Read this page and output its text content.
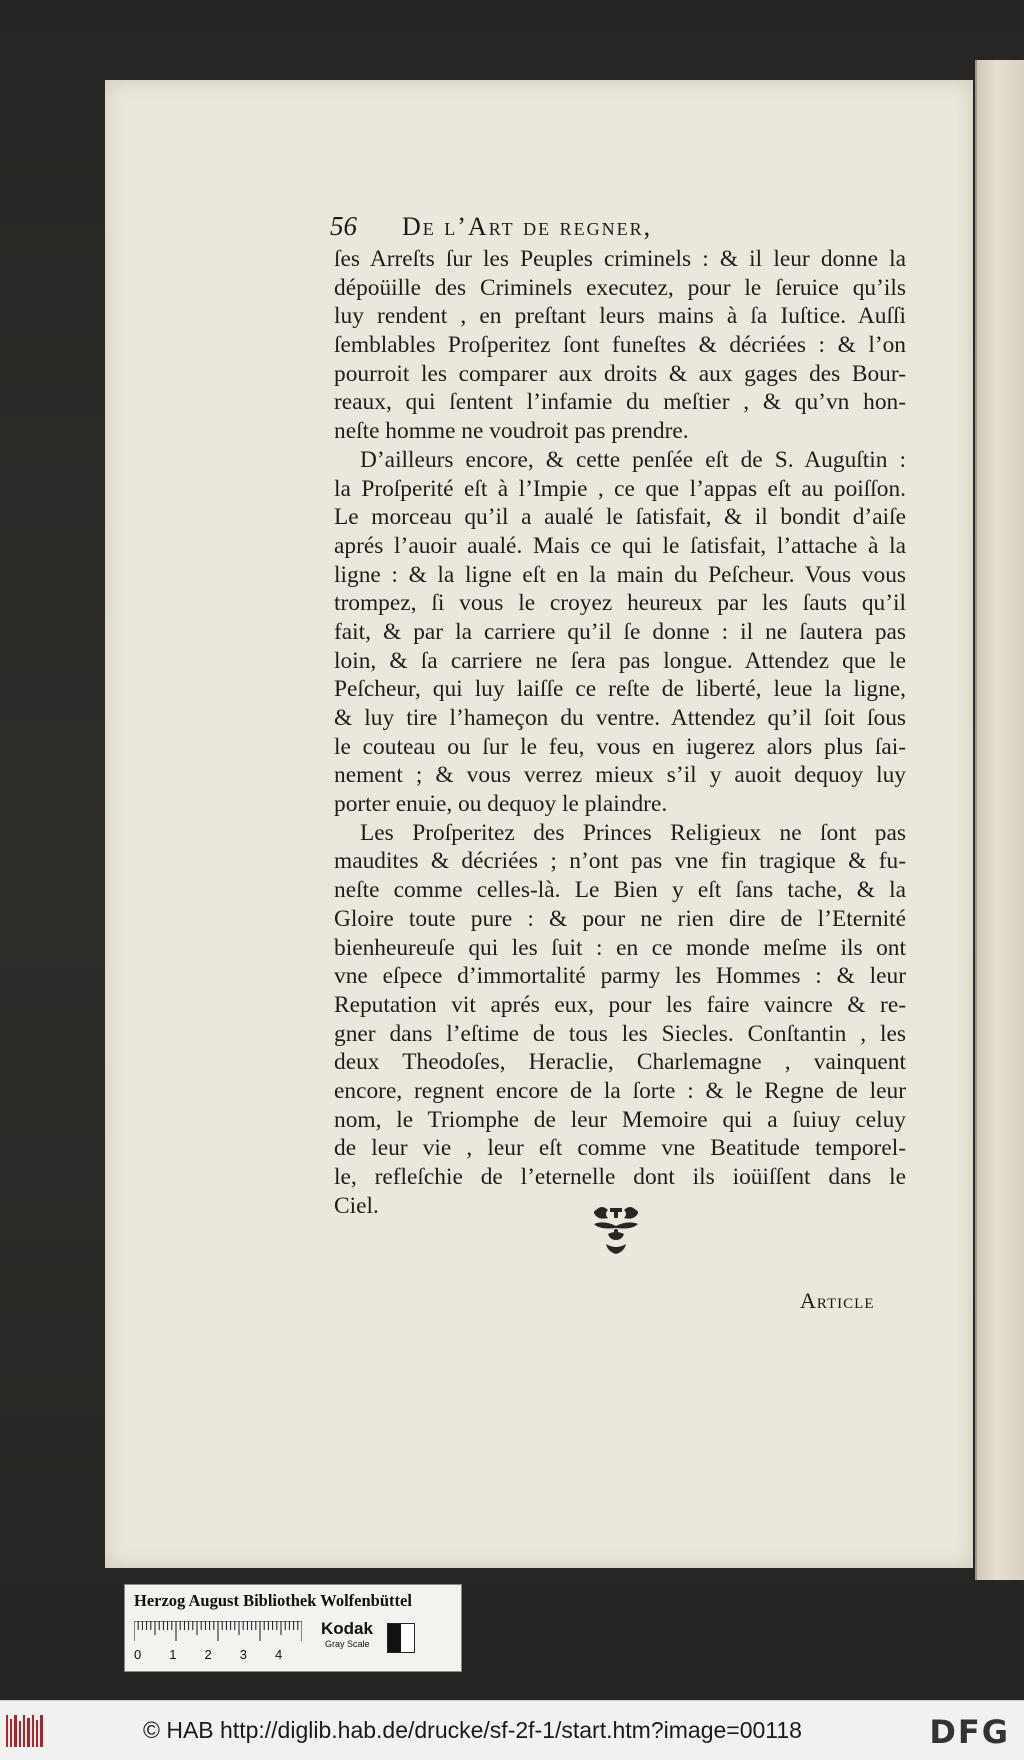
56	De l’Art de regner,
ſes Arreſts ſur les Peuples criminels : & il leur donne la
dépoüille des Criminels executez, pour le ſeruice qu’ils
luy rendent , en preſtant leurs mains à ſa Iuſtice. Auſſi
ſemblables Proſperitez ſont funeſtes & décriées : & l’on
pourroit les comparer aux droits & aux gages des Bour-
reaux, qui ſentent l’infamie du meſtier , & qu’vn hon-
neſte homme ne voudroit pas prendre.
D’ailleurs encore, & cette penſée eſt de S. Auguſtin :
la Proſperité eſt à l’Impie , ce que l’appas eſt au poiſſon.
Le morceau qu’il a aualé le ſatisfait, & il bondit d’aiſe
aprés l’auoir aualé. Mais ce qui le ſatisfait, l’attache à la
ligne : & la ligne eſt en la main du Peſcheur. Vous vous
trompez, ſi vous le croyez heureux par les ſauts qu’il
fait, & par la carriere qu’il ſe donne : il ne ſautera pas
loin, & ſa carriere ne ſera pas longue. Attendez que le
Peſcheur, qui luy laiſſe ce reſte de liberté, leue la ligne,
& luy tire l’hameçon du ventre. Attendez qu’il ſoit ſous
le couteau ou ſur le feu, vous en iugerez alors plus ſai-
nement ; & vous verrez mieux s’il y auoit dequoy luy
porter enuie, ou dequoy le plaindre.
Les Proſperitez des Princes Religieux ne ſont pas
maudites & décriées ; n’ont pas vne fin tragique & fu-
neſte comme celles-là. Le Bien y eſt ſans tache, & la
Gloire toute pure : & pour ne rien dire de l’Eternité
bienheureuſe qui les ſuit : en ce monde meſme ils ont
vne eſpece d’immortalité parmy les Hommes : & leur
Reputation vit aprés eux, pour les faire vaincre & re-
gner dans l’eſtime de tous les Siecles. Conſtantin , les
deux Theodoſes, Heraclie, Charlemagne , vainquent
encore, regnent encore de la ſorte : & le Regne de leur
nom, le Triomphe de leur Memoire qui a ſuiuy celuy
de leur vie , leur eſt comme vne Beatitude temporel-
le, refleſchie de l’eternelle dont ils ioüiſſent dans le
Ciel.
Article
Herzog August Bibliothek Wolfenbüttel
0 1 2 3 4
Kodak
Gray Scale
© HAB http://diglib.hab.de/drucke/sf-2f-1/start.htm?image=00118	DFG
